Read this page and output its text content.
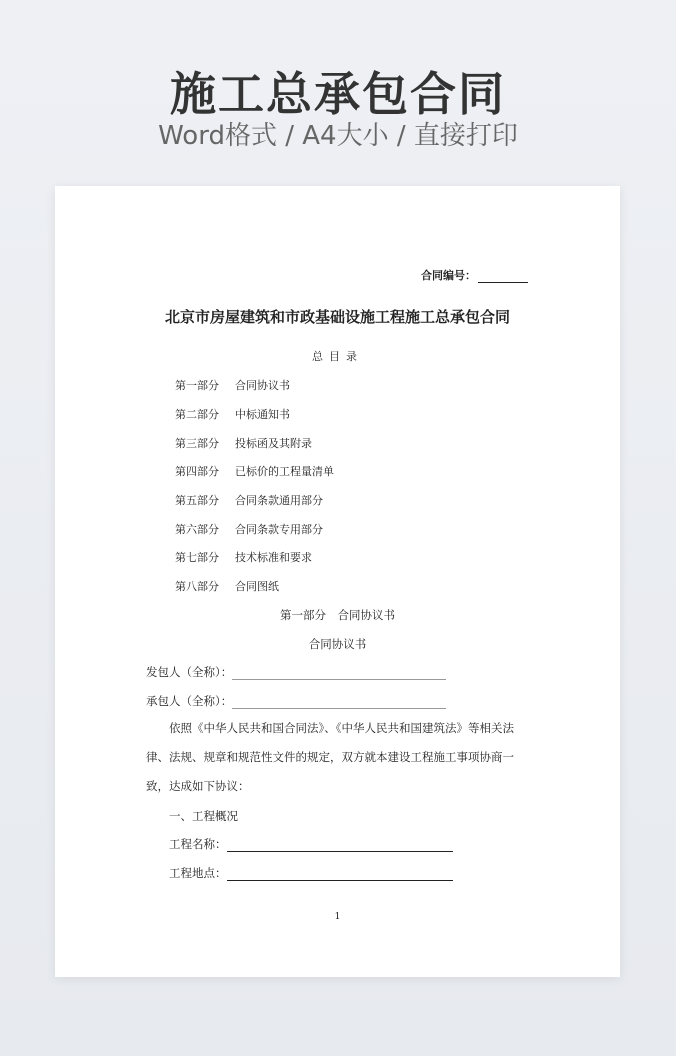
施工总承包合同
Word格式 / A4大小 / 直接打印
合同编号：
北京市房屋建筑和市政基础设施工程施工总承包合同
总目录
第一部分	合同协议书
第二部分	中标通知书
第三部分	投标函及其附录
第四部分	已标价的工程量清单
第五部分	合同条款通用部分
第六部分	合同条款专用部分
第七部分	技术标准和要求
第八部分	合同图纸
第一部分　合同协议书
合同协议书
发包人（全称）：
承包人（全称）：
依照《中华人民共和国合同法》、《中华人民共和国建筑法》等相关法律、法规、规章和规范性文件的规定，双方就本建设工程施工事项协商一致，达成如下协议：
一、工程概况
工程名称：
工程地点：
1
